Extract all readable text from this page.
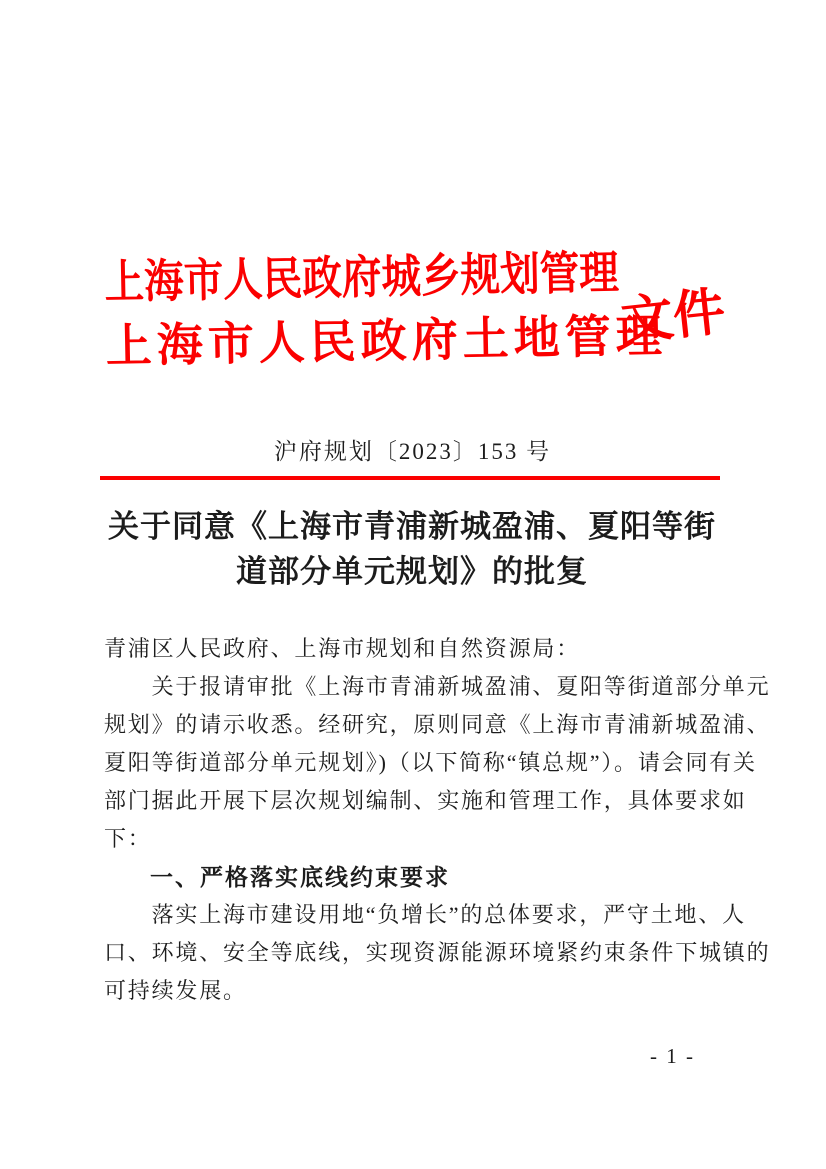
上海市人民政府城乡规划管理
上海市人民政府土地管理
文件
沪府规划〔2023〕153 号
关于同意《上海市青浦新城盈浦、夏阳等街
道部分单元规划》的批复
青浦区人民政府、上海市规划和自然资源局：
　　关于报请审批《上海市青浦新城盈浦、夏阳等街道部分单元
规划》的请示收悉。经研究，原则同意《上海市青浦新城盈浦、
夏阳等街道部分单元规划》)（以下简称“镇总规”）。请会同有关
部门据此开展下层次规划编制、实施和管理工作，具体要求如
下：
一、严格落实底线约束要求
　　落实上海市建设用地“负增长”的总体要求，严守土地、人
口、环境、安全等底线，实现资源能源环境紧约束条件下城镇的
可持续发展。
- 1 -
